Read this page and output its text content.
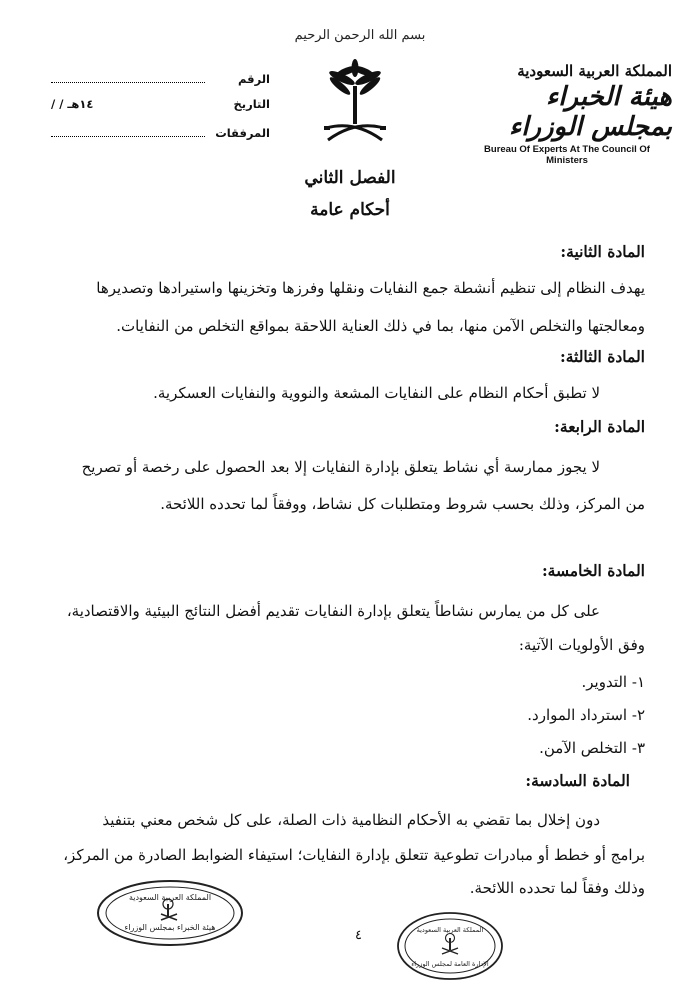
بسم الله الرحمن الرحيم
المملكة العربية السعودية
هيئة الخبراء بمجلس الوزراء
Bureau Of Experts At The Council Of Ministers
الرقم
التاريخ
/ / ١٤هـ
المرفقات
الفصل الثاني
أحكام عامة
المادة الثانية:
يهدف النظام إلى تنظيم أنشطة جمع النفايات ونقلها وفرزها وتخزينها واستيرادها وتصديرها
ومعالجتها والتخلص الآمن منها، بما في ذلك العناية اللاحقة بمواقع التخلص من النفايات.
المادة الثالثة:
لا تطبق أحكام النظام على النفايات المشعة والنووية والنفايات العسكرية.
المادة الرابعة:
لا يجوز ممارسة أي نشاط يتعلق بإدارة النفايات إلا بعد الحصول على رخصة أو تصريح
من المركز، وذلك بحسب شروط ومتطلبات كل نشاط، ووفقاً لما تحدده اللائحة.
المادة الخامسة:
على كل من يمارس نشاطاً يتعلق بإدارة النفايات تقديم أفضل النتائج البيئية والاقتصادية،
وفق الأولويات الآتية:
١- التدوير.
٢- استرداد الموارد.
٣- التخلص الآمن.
المادة السادسة:
دون إخلال بما تقضي به الأحكام النظامية ذات الصلة، على كل شخص معني بتنفيذ
برامج أو خطط أو مبادرات تطوعية تتعلق بإدارة النفايات؛ استيفاء الضوابط الصادرة من المركز،
وذلك وفقاً لما تحدده اللائحة.
٤
المملكة العربية السعودية
هيئة الخبراء بمجلس الوزراء	المملكة العربية السعودية
الإدارة العامة لمجلس الوزراء
